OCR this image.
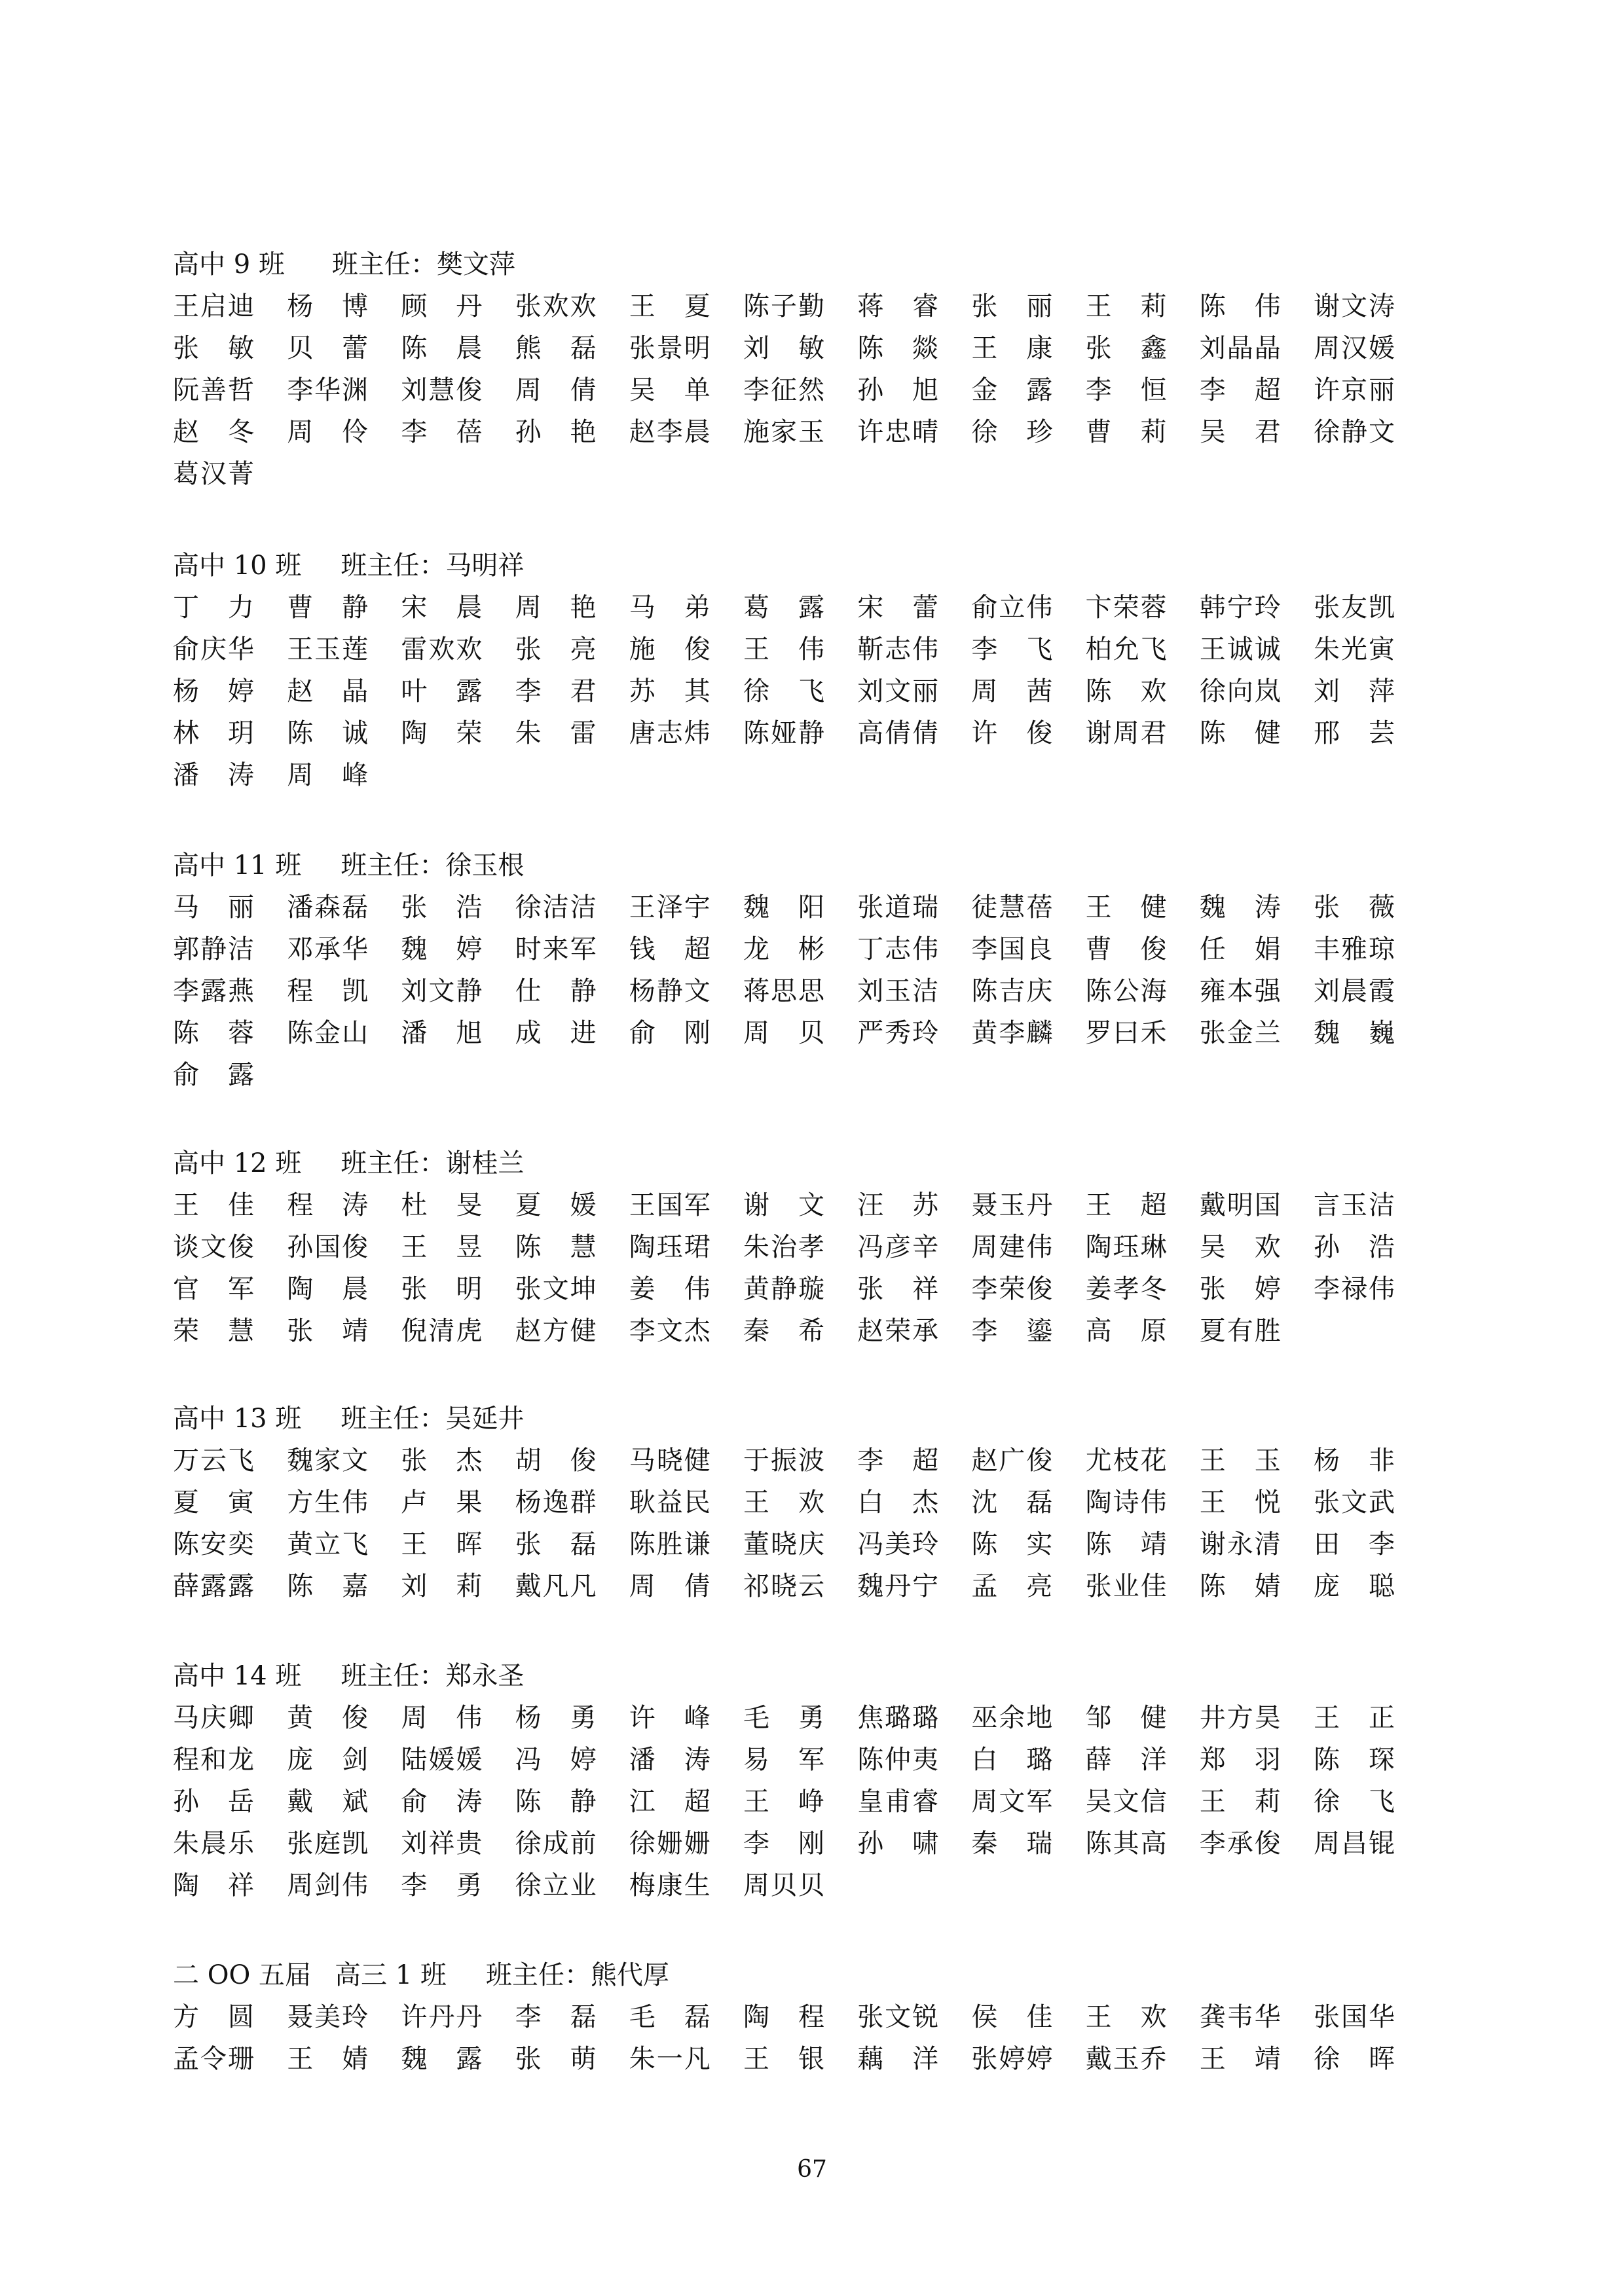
高中 9 班 班主任：樊文萍
王启迪 杨 博 顾 丹 张欢欢 王 夏 陈子勤 蒋 睿 张 丽 王 莉 陈 伟 谢文涛
张 敏 贝 蕾 陈 晨 熊 磊 张景明 刘 敏 陈 燚 王 康 张 鑫 刘晶晶 周汉媛
阮善哲 李华渊 刘慧俊 周 倩 吴 单 李征然 孙 旭 金 露 李 恒 李 超 许京丽
赵 冬 周 伶 李 蓓 孙 艳 赵李晨 施家玉 许忠晴 徐 珍 曹 莉 吴 君 徐静文
葛汉菁
高中 10 班 班主任：马明祥
丁 力 曹 静 宋 晨 周 艳 马 弟 葛 露 宋 蕾 俞立伟 卞荣蓉 韩宁玲 张友凯
俞庆华 王玉莲 雷欢欢 张 亮 施 俊 王 伟 靳志伟 李 飞 柏允飞 王诚诚 朱光寅
杨 婷 赵 晶 叶 露 李 君 苏 其 徐 飞 刘文丽 周 茜 陈 欢 徐向岚 刘 萍
林 玥 陈 诚 陶 荣 朱 雷 唐志炜 陈娅静 高倩倩 许 俊 谢周君 陈 健 邢 芸
潘 涛 周 峰
高中 11 班 班主任：徐玉根
马 丽 潘森磊 张 浩 徐洁洁 王泽宇 魏 阳 张道瑞 徒慧蓓 王 健 魏 涛 张 薇
郭静洁 邓承华 魏 婷 时来军 钱 超 龙 彬 丁志伟 李国良 曹 俊 任 娟 丰雅琼
李露燕 程 凯 刘文静 仕 静 杨静文 蒋思思 刘玉洁 陈吉庆 陈公海 雍本强 刘晨霞
陈 蓉 陈金山 潘 旭 成 进 俞 刚 周 贝 严秀玲 黄李麟 罗曰禾 张金兰 魏 巍
俞 露
高中 12 班 班主任：谢桂兰
王 佳 程 涛 杜 旻 夏 媛 王国军 谢 文 汪 苏 聂玉丹 王 超 戴明国 言玉洁
谈文俊 孙国俊 王 昱 陈 慧 陶珏珺 朱治孝 冯彦辛 周建伟 陶珏琳 吴 欢 孙 浩
官 军 陶 晨 张 明 张文坤 姜 伟 黄静璇 张 祥 李荣俊 姜孝冬 张 婷 李禄伟
荣 慧 张 靖 倪清虎 赵方健 李文杰 秦 希 赵荣承 李 鎏 高 原 夏有胜
高中 13 班 班主任：吴延井
万云飞 魏家文 张 杰 胡 俊 马晓健 于振波 李 超 赵广俊 尤枝花 王 玉 杨 非
夏 寅 方生伟 卢 果 杨逸群 耿益民 王 欢 白 杰 沈 磊 陶诗伟 王 悦 张文武
陈安奕 黄立飞 王 晖 张 磊 陈胜谦 董晓庆 冯美玲 陈 实 陈 靖 谢永清 田 李
薛露露 陈 嘉 刘 莉 戴凡凡 周 倩 祁晓云 魏丹宁 孟 亮 张业佳 陈 婧 庞 聪
高中 14 班 班主任：郑永圣
马庆卿 黄 俊 周 伟 杨 勇 许 峰 毛 勇 焦璐璐 巫余地 邹 健 井方昊 王 正
程和龙 庞 剑 陆媛媛 冯 婷 潘 涛 易 军 陈仲夷 白 璐 薛 洋 郑 羽 陈 琛
孙 岳 戴 斌 俞 涛 陈 静 江 超 王 峥 皇甫睿 周文军 吴文信 王 莉 徐 飞
朱晨乐 张庭凯 刘祥贵 徐成前 徐姗姗 李 刚 孙 啸 秦 瑞 陈其高 李承俊 周昌锟
陶 祥 周剑伟 李 勇 徐立业 梅康生 周贝贝
二 OO 五届 高三 1 班 班主任：熊代厚
方 圆 聂美玲 许丹丹 李 磊 毛 磊 陶 程 张文锐 侯 佳 王 欢 龚韦华 张国华
孟令珊 王 婧 魏 露 张 萌 朱一凡 王 银 藕 洋 张婷婷 戴玉乔 王 靖 徐 晖
67
